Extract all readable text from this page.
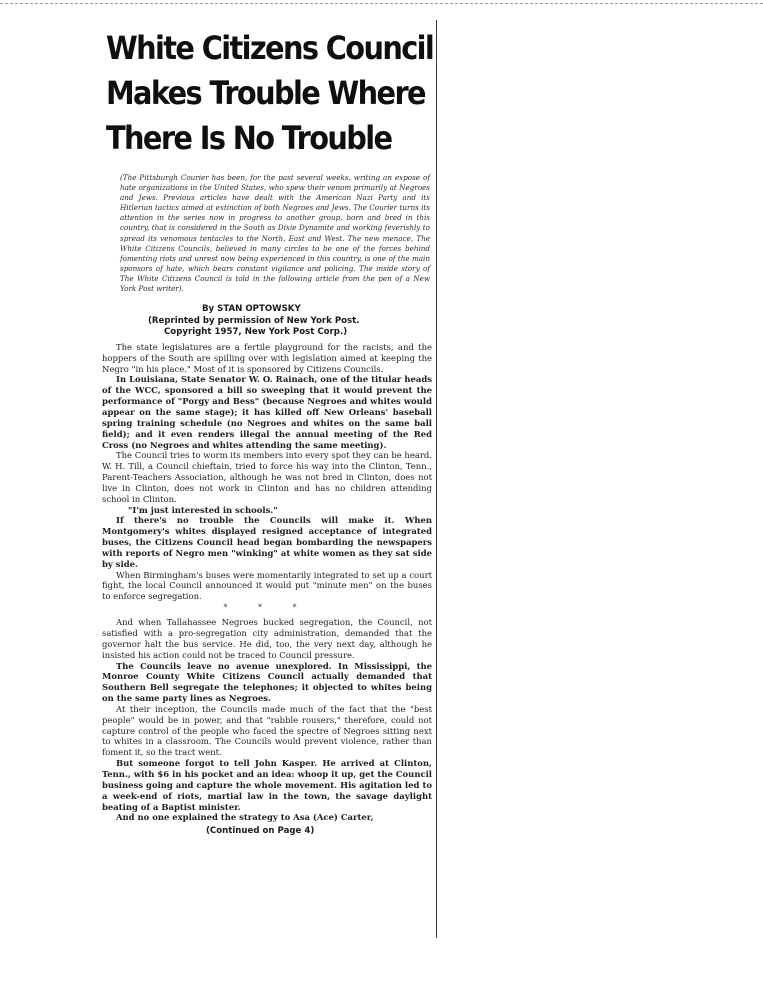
White Citizens Council
Makes Trouble Where
There Is No Trouble
(The Pittsburgh Courier has been, for the past several weeks, writing an expose of hate organizations in the United States, who spew their venom primarily at Negroes and Jews. Previous articles have dealt with the American Nazi Party and its Hitlerian tactics aimed at extinction of both Negroes and Jews. The Courier turns its attention in the series now in progress to another group, born and bred in this country, that is considered in the South as Dixie Dynamite and working feverishly to spread its venomous tentacles to the North, East and West. The new menace, The White Citizens Councils, believed in many circles to be one of the forces behind fomenting riots and unrest now being experienced in this country, is one of the main sponsors of hate, which bears constant vigilance and policing. The inside story of The White Citizens Council is told in the following article from the pen of a New York Post writer).
By STAN OPTOWSKY
(Reprinted by permission of New York Post.
Copyright 1957, New York Post Corp.)

The state legislatures are a fertile playground for the racists, and the hoppers of the South are spilling over with legislation aimed at keeping the Negro "in his place." Most of it is sponsored by Citizens Councils.

In Louisiana, State Senator W. O. Rainach, one of the titular heads of the WCC, sponsored a bill so sweeping that it would prevent the performance of "Porgy and Bess" (because Negroes and whites would appear on the same stage); it has killed off New Orleans' baseball spring training schedule (no Negroes and whites on the same ball field); and it even renders illegal the annual meeting of the Red Cross (no Negroes and whites attending the same meeting).

The Council tries to worm its members into every spot they can be heard. W. H. Till, a Council chieftain, tried to force his way into the Clinton, Tenn., Parent-Teachers Association, although he was not bred in Clinton, does not live in Clinton, does not work in Clinton and has no children attending school in Clinton.

"I'm just interested in schools."

If there's no trouble the Councils will make it. When Montgomery's whites displayed resigned acceptance of integrated buses, the Citizens Council head began bombarding the newspapers with reports of Negro men "winking" at white women as they sat side by side.

When Birmingham's buses were momentarily integrated to set up a court fight, the local Council announced it would put "minute men" on the buses to enforce segregation.

* * *

And when Tallahassee Negroes bucked segregation, the Council, not satisfied with a pro-segregation city administration, demanded that the governor halt the bus service. He did, too, the very next day, although he insisted his action could not be traced to Council pressure.

The Councils leave no avenue unexplored. In Mississippi, the Monroe County White Citizens Council actually demanded that Southern Bell segregate the telephones; it objected to whites being on the same party lines as Negroes.

At their inception, the Councils made much of the fact that the "best people" would be in power, and that "rabble rousers," therefore, could not capture control of the people who faced the spectre of Negroes sitting next to whites in a classroom. The Councils would prevent violence, rather than foment it, so the tract went.

But someone forgot to tell John Kasper. He arrived at Clinton, Tenn., with $6 in his pocket and an idea: whoop it up, get the Council business going and capture the whole movement. His agitation led to a week-end of riots, martial law in the town, the savage daylight beating of a Baptist minister.

And no one explained the strategy to Asa (Ace) Carter,

(Continued on Page 4)
